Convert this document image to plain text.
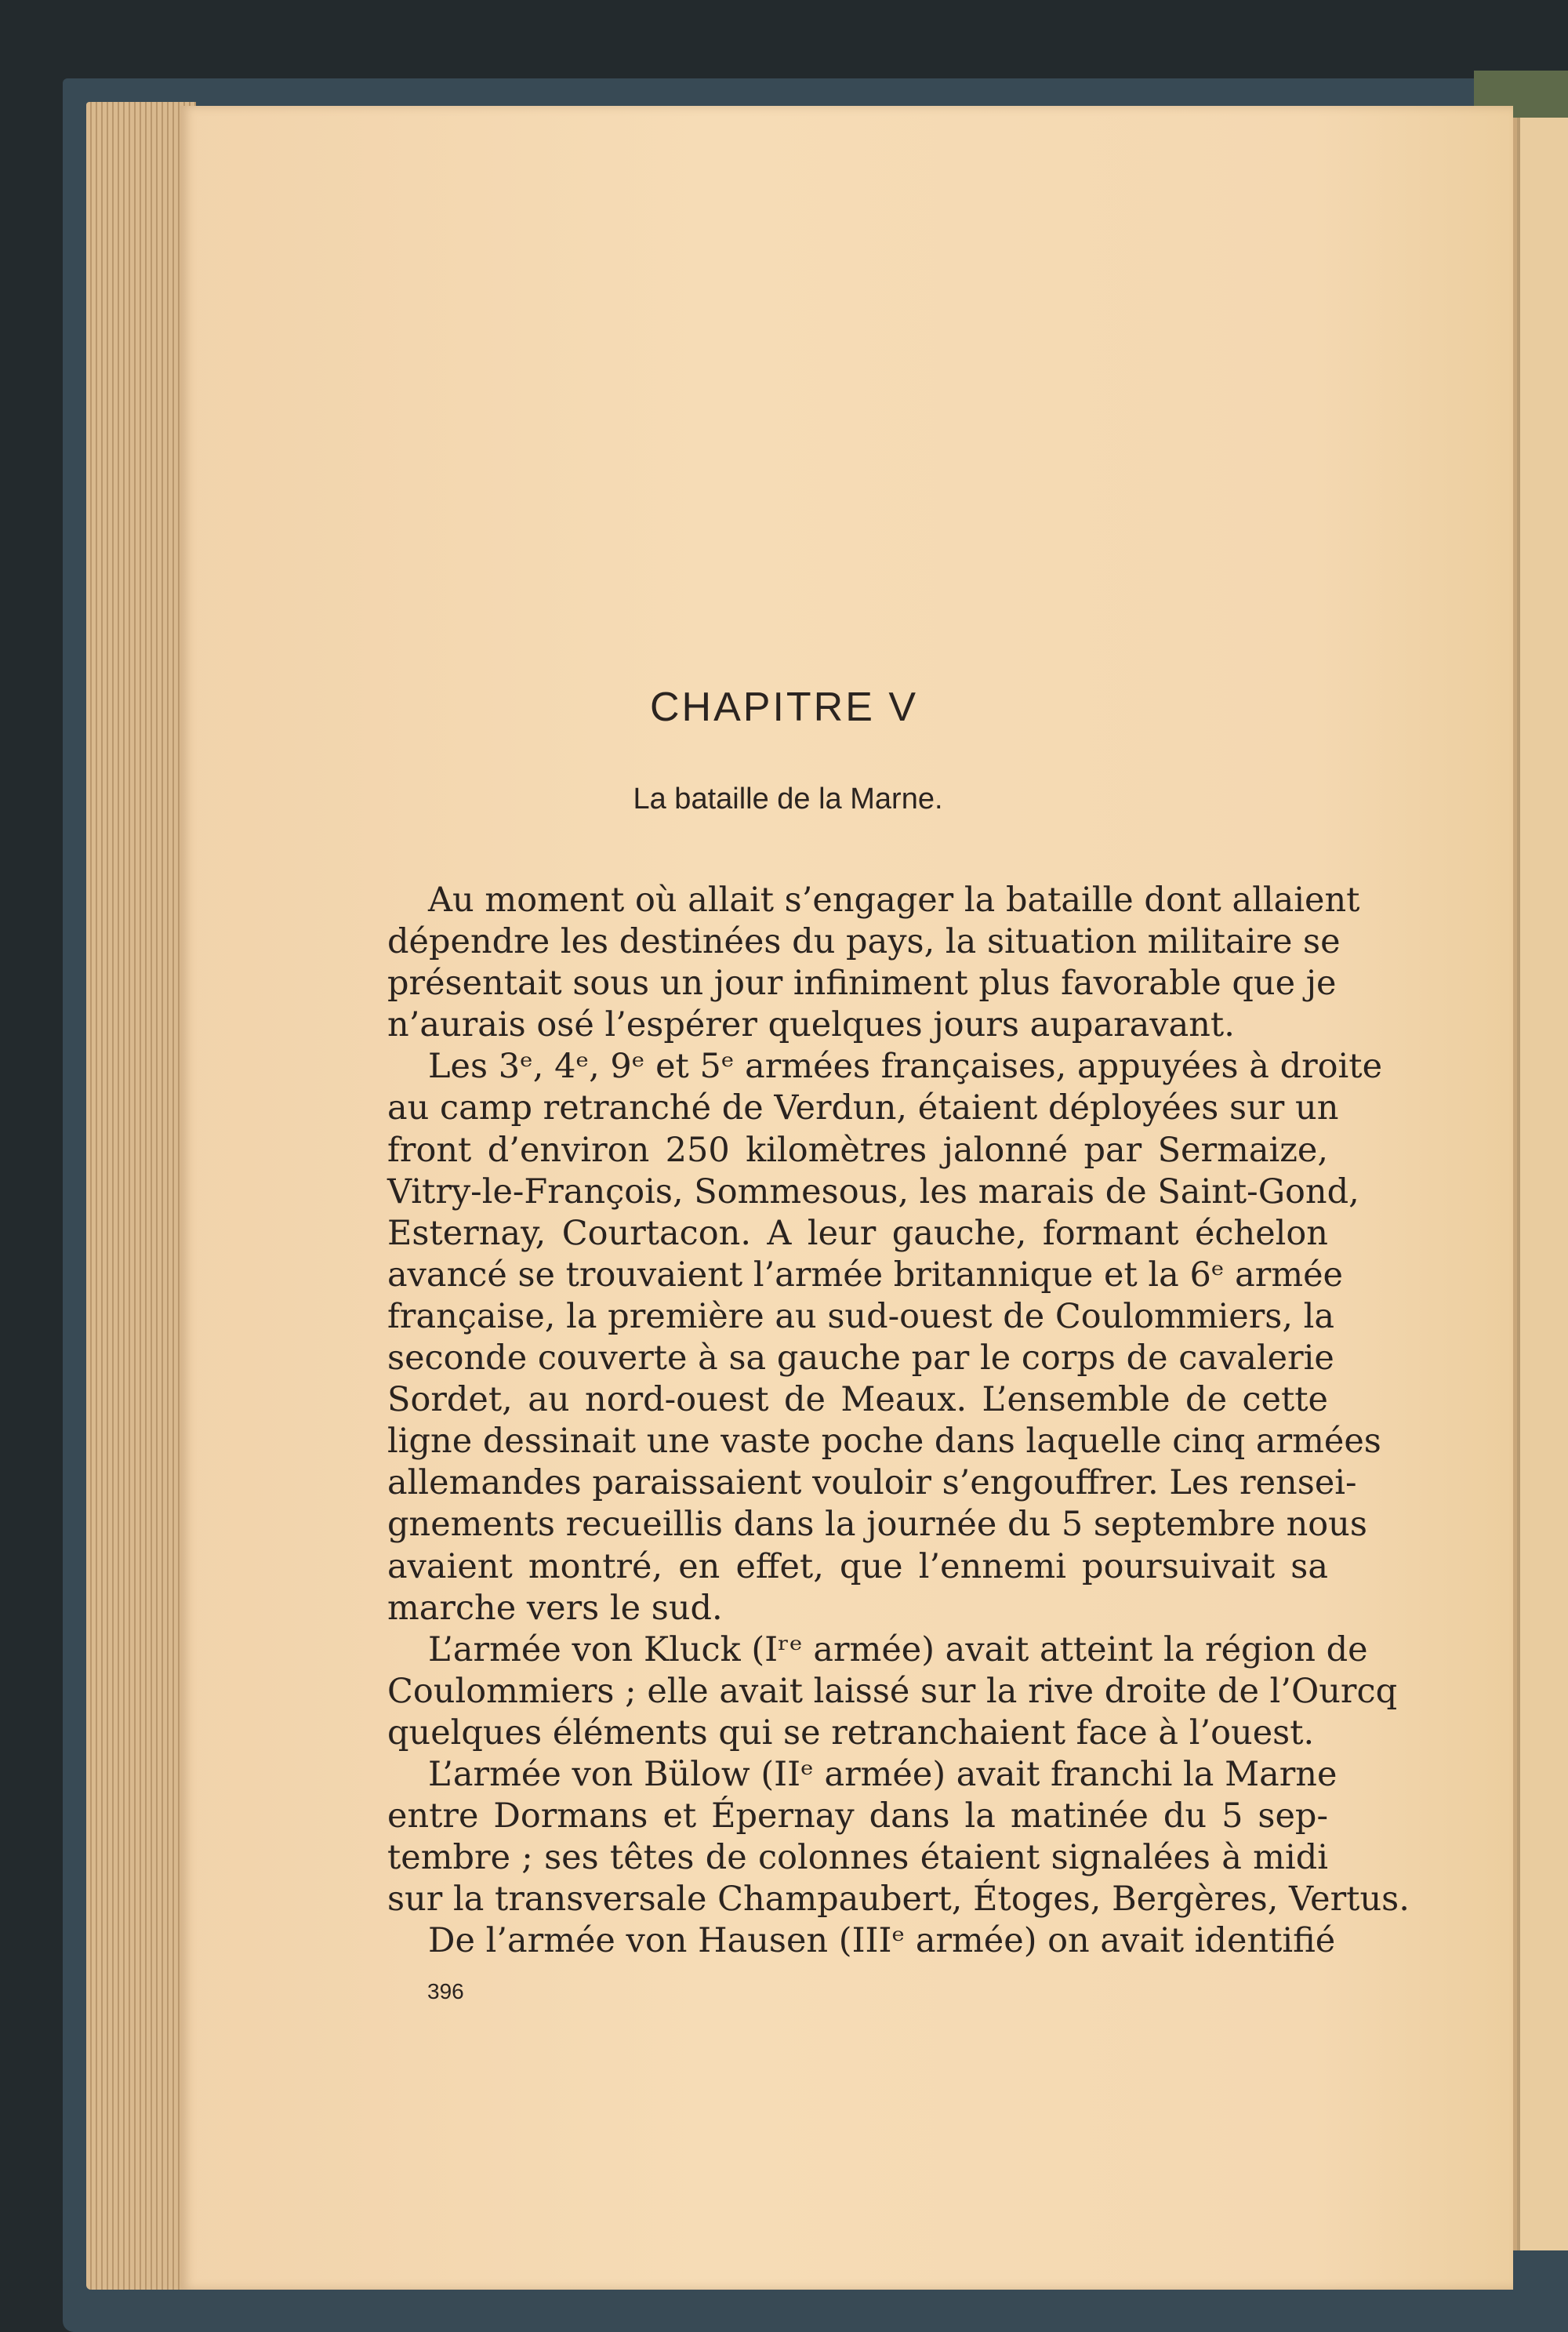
CHAPITRE V
La bataille de la Marne.
Au moment où allait s’engager la bataille dont allaient
dépendre les destinées du pays, la situation militaire se
présentait sous un jour infiniment plus favorable que je
n’aurais osé l’espérer quelques jours auparavant.
Les 3ᵉ, 4ᵉ, 9ᵉ et 5ᵉ armées françaises, appuyées à droite
au camp retranché de Verdun, étaient déployées sur un
front d’environ 250 kilomètres jalonné par Sermaize,
Vitry-le-François, Sommesous, les marais de Saint-Gond,
Esternay, Courtacon. A leur gauche, formant échelon
avancé se trouvaient l’armée britannique et la 6ᵉ armée
française, la première au sud-ouest de Coulommiers, la
seconde couverte à sa gauche par le corps de cavalerie
Sordet, au nord-ouest de Meaux. L’ensemble de cette
ligne dessinait une vaste poche dans laquelle cinq armées
allemandes paraissaient vouloir s’engouffrer. Les rensei-
gnements recueillis dans la journée du 5 septembre nous
avaient montré, en effet, que l’ennemi poursuivait sa
marche vers le sud.
L’armée von Kluck (Iʳᵉ armée) avait atteint la région de
Coulommiers ; elle avait laissé sur la rive droite de l’Ourcq
quelques éléments qui se retranchaient face à l’ouest.
L’armée von Bülow (IIᵉ armée) avait franchi la Marne
entre Dormans et Épernay dans la matinée du 5 sep-
tembre ; ses têtes de colonnes étaient signalées à midi
sur la transversale Champaubert, Étoges, Bergères, Vertus.
De l’armée von Hausen (IIIᵉ armée) on avait identifié
396
